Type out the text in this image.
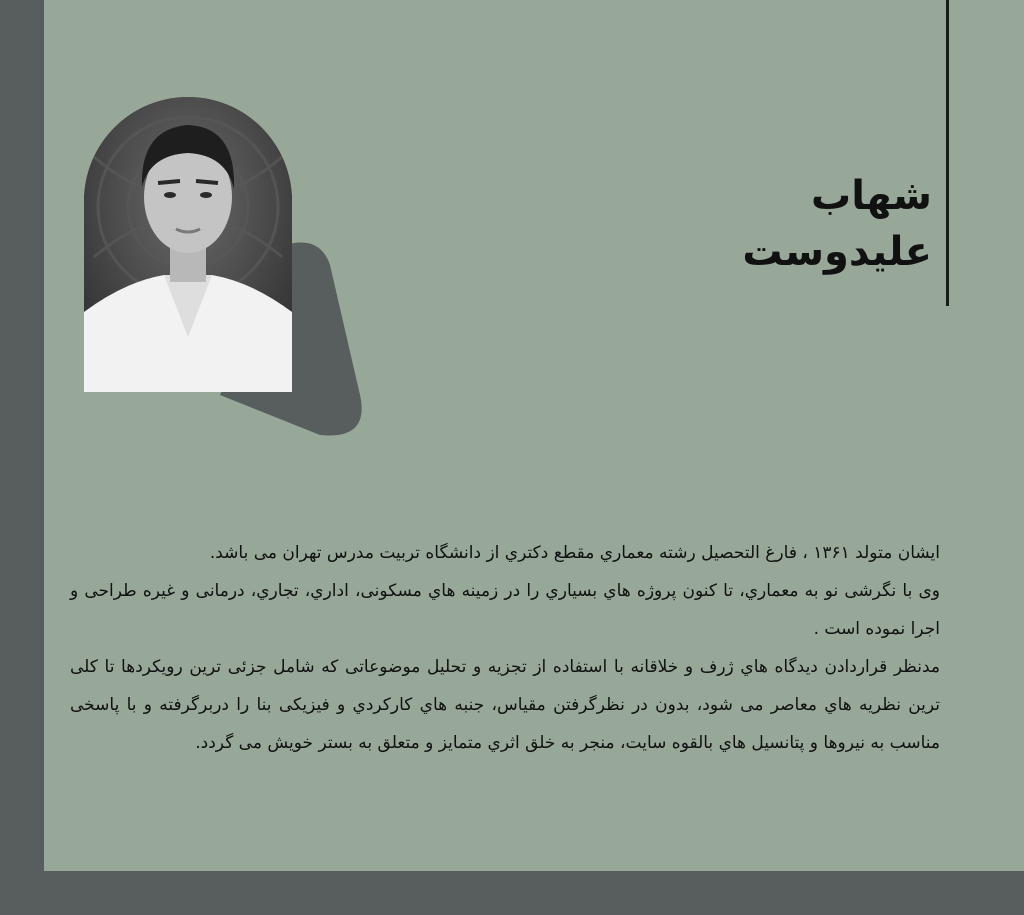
شهاب
علیدوست

ایشان متولد ۱۳۶۱ ، فارغ التحصیل رشته معماري مقطع دکتري از دانشگاه تربیت مدرس تهران می باشد.

وی با نگرشی نو به معماري، تا کنون پروژه هاي بسیاري را در زمینه هاي مسکونی، اداري، تجاري، درمانی و غیره طراحی و اجرا نموده است .

مدنظر قراردادن دیدگاه هاي ژرف و خلاقانه با استفاده از تجزیه و تحلیل موضوعاتی که شامل جزئی ترین رویکردها تا کلی ترین نظریه هاي معاصر می شود، بدون در نظرگرفتن مقیاس، جنبه هاي کارکردي و فیزیکی بنا را دربرگرفته و با پاسخی مناسب به نیروها و پتانسیل هاي بالقوه سایت، منجر به خلق اثري متمایز و متعلق به بستر خویش می گردد.
